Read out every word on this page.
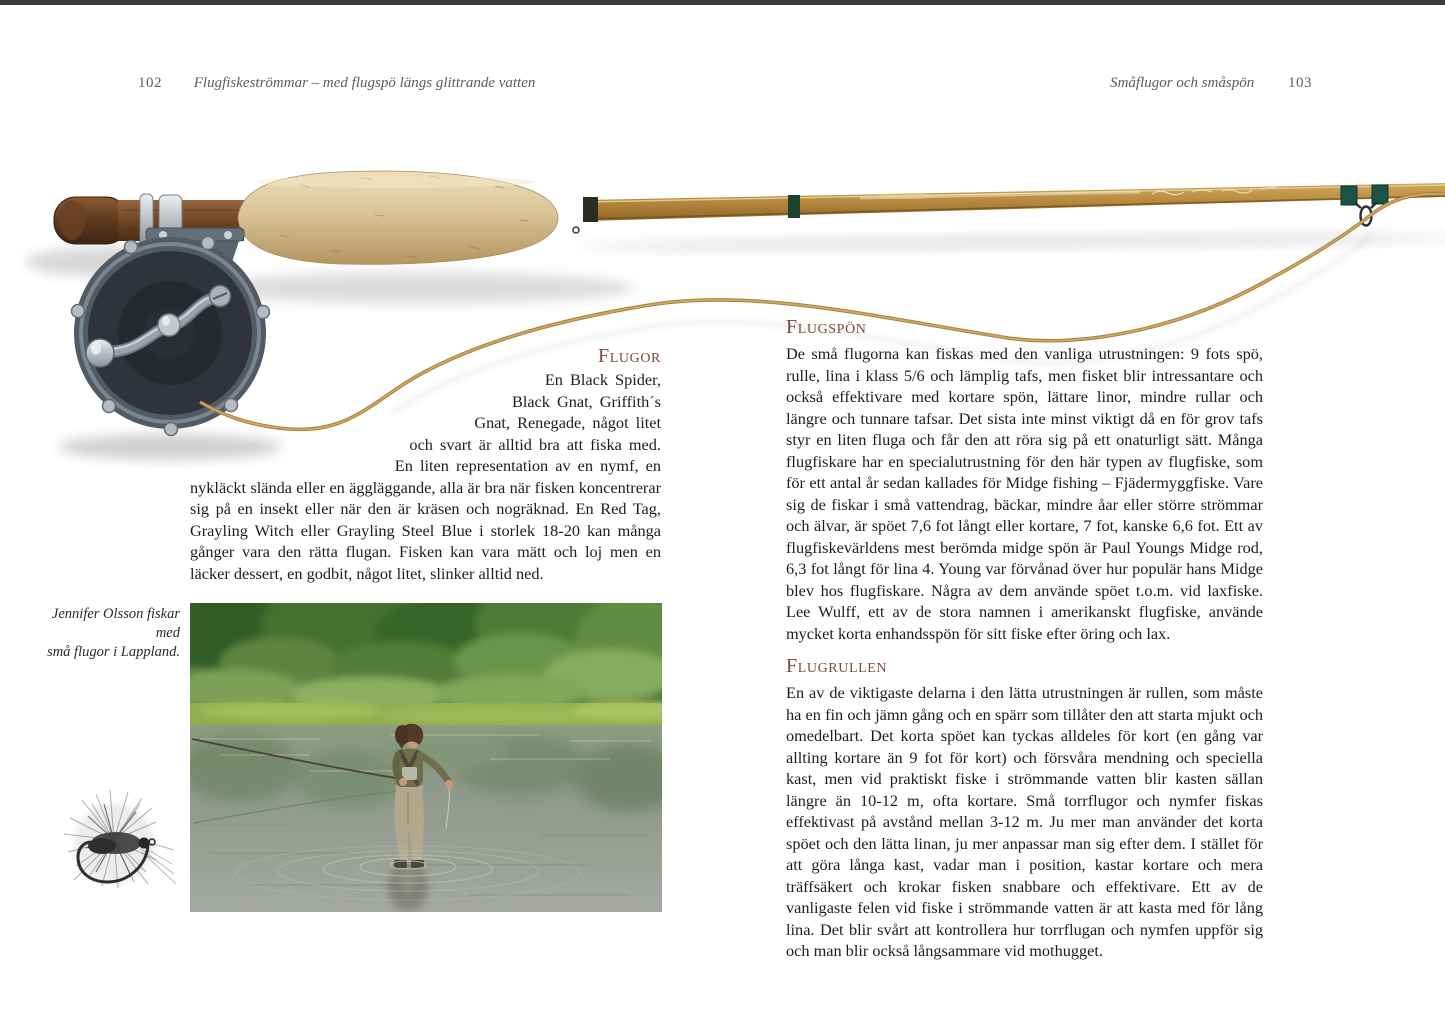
102 Flugfiskeströmmar – med flugspö längs glittrande vatten	Småflugor och småspön 103
Flugor
En Black Spider,
Black Gnat, Griffith´s
Gnat, Renegade, något litet
och svart är alltid bra att fiska med.
En liten representation av en nymf, en

nykläckt slända eller en äggläggande, alla är bra när fisken koncentrerar sig på en insekt eller när den är kräsen och nogräknad. En Red Tag, Grayling Witch eller Grayling Steel Blue i storlek 18-20 kan många gånger vara den rätta flugan. Fisken kan vara mätt och loj men en läcker dessert, en godbit, något litet, slinker alltid ned.

Jennifer Olsson fiskar med
små flugor i Lappland.
Flugspön

De små flugorna kan fiskas med den vanliga utrustningen: 9 fots spö, rulle, lina i klass 5/6 och lämplig tafs, men fisket blir intressantare och också effektivare med kortare spön, lättare linor, mindre rullar och längre och tunnare tafsar. Det sista inte minst viktigt då en för grov tafs styr en liten fluga och får den att röra sig på ett onaturligt sätt. Många flugfiskare har en specialutrustning för den här typen av flugfiske, som för ett antal år sedan kallades för Midge fishing – Fjädermyggfiske. Vare sig de fiskar i små vattendrag, bäckar, mindre åar eller större strömmar och älvar, är spöet 7,6 fot långt eller kortare, 7 fot, kanske 6,6 fot. Ett av flugfiskevärldens mest berömda midge spön är Paul Youngs Midge rod, 6,3 fot långt för lina 4. Young var förvånad över hur populär hans Midge blev hos flugfiskare. Några av dem använde spöet t.o.m. vid laxfiske. Lee Wulff, ett av de stora namnen i amerikanskt flugfiske, använde mycket korta enhandsspön för sitt fiske efter öring och lax.

Flugrullen

En av de viktigaste delarna i den lätta utrustningen är rullen, som måste ha en fin och jämn gång och en spärr som tillåter den att starta mjukt och omedelbart. Det korta spöet kan tyckas alldeles för kort (en gång var allting kortare än 9 fot för kort) och försvåra mendning och speciella kast, men vid praktiskt fiske i strömmande vatten blir kasten sällan längre än 10-12 m, ofta kortare. Små torrflugor och nymfer fiskas effektivast på avstånd mellan 3-12 m. Ju mer man använder det korta spöet och den lätta linan, ju mer anpassar man sig efter dem. I stället för att göra långa kast, vadar man i position, kastar kortare och mera träffsäkert och krokar fisken snabbare och effektivare. Ett av de vanligaste felen vid fiske i strömmande vatten är att kasta med för lång lina. Det blir svårt att kontrollera hur torrflugan och nymfen uppför sig och man blir också långsammare vid mothugget.
